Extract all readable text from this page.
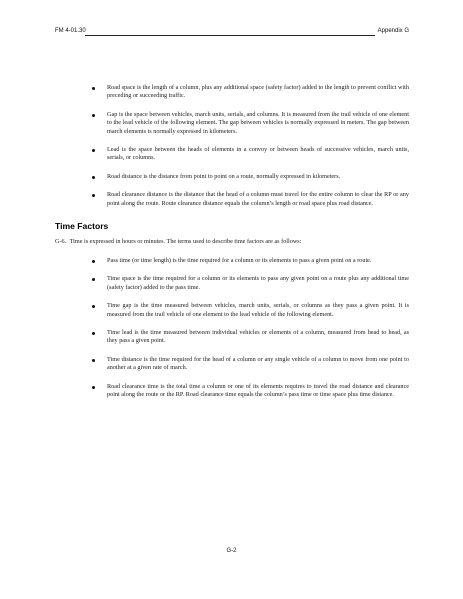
FM 4-01.30	Appendix G
Road space is the length of a column, plus any additional space (safety factor) added to the length to prevent conflict with preceding or succeeding traffic.
Gap is the space between vehicles, march units, serials, and columns. It is measured from the trail vehicle of one element to the lead vehicle of the following element. The gap between vehicles is normally expressed in meters. The gap between march elements is normally expressed in kilometers.
Lead is the space between the heads of elements in a convoy or between heads of successive vehicles, march units, serials, or columns.
Road distance is the distance from point to point on a route, normally expressed in kilometers.
Road clearance distance is the distance that the head of a column must travel for the entire column to clear the RP or any point along the route. Route clearance distance equals the column’s length or road space plus road distance.
Time Factors
G-6. Time is expressed in hours or minutes. The terms used to describe time factors are as follows:
Pass time (or time length) is the time required for a column or its elements to pass a given point on a route.
Time space is the time required for a column or its elements to pass any given point on a route plus any additional time (safety factor) added to the pass time.
Time gap is the time measured between vehicles, march units, serials, or columns as they pass a given point. It is measured from the trail vehicle of one element to the lead vehicle of the following element.
Time lead is the time measured between individual vehicles or elements of a column, measured from head to head, as they pass a given point.
Time distance is the time required for the head of a column or any single vehicle of a column to move from one point to another at a given rate of march.
Road clearance time is the total time a column or one of its elements requires to travel the road distance and clearance point along the route or the RP. Road clearance time equals the column’s pass time or time space plus time distance.
G-2
